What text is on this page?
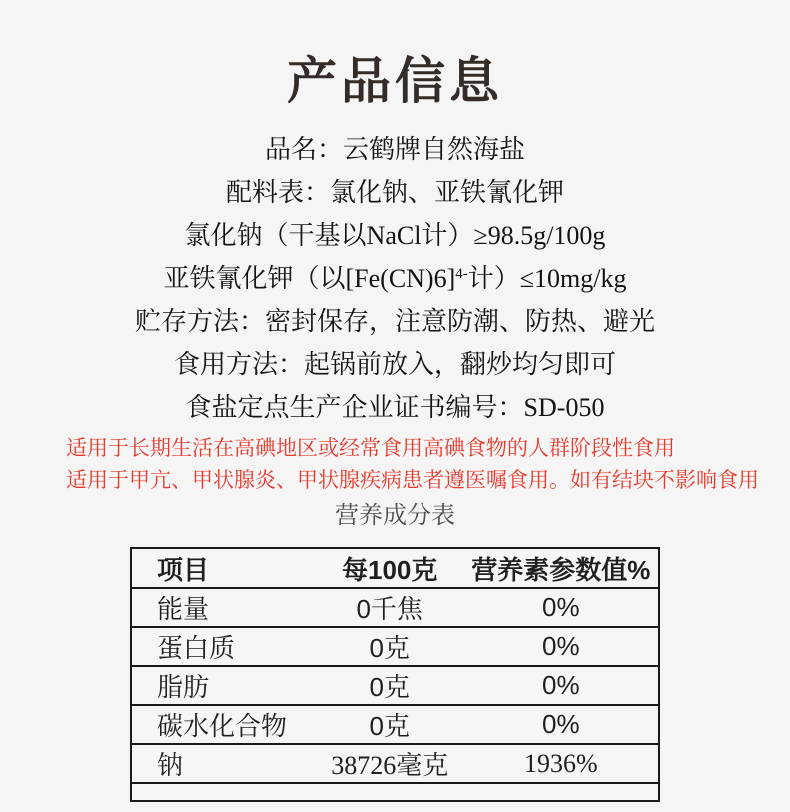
产品信息
品名：云鹤牌自然海盐
配料表：氯化钠、亚铁氰化钾
氯化钠（干基以NaCl计）≥98.5g/100g
亚铁氰化钾（以$[Fe(CN)6]^{4-}$计）≤10mg/kg
贮存方法：密封保存，注意防潮、防热、避光
食用方法：起锅前放入，翻炒均匀即可
食盐定点生产企业证书编号：SD-050
适用于长期生活在高碘地区或经常食用高碘食物的人群阶段性食用
适用于甲亢、甲状腺炎、甲状腺疾病患者遵医嘱食用。如有结块不影响食用
营养成分表
项目	每100克	营养素参数值%
能量	0千焦	0%
蛋白质	0克	0%
脂肪	0克	0%
碳水化合物	0克	0%
钠	38726毫克	1936%
